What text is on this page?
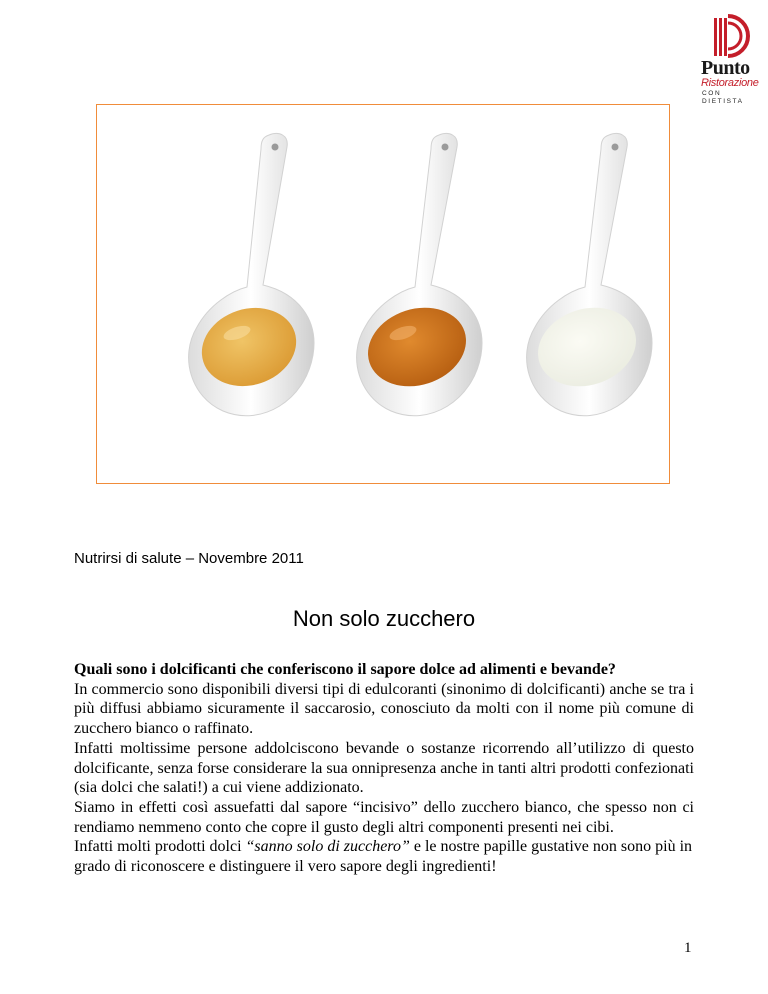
Punto
Ristorazione
CON DIETISTA
Nutrirsi di salute – Novembre 2011
Non solo zucchero

Quali sono i dolcificanti che conferiscono il sapore dolce ad alimenti e bevande?

In commercio sono disponibili diversi tipi di edulcoranti (sinonimo di dolcificanti) anche se tra i più diffusi abbiamo sicuramente il saccarosio, conosciuto da molti con il nome più comune di zucchero bianco o raffinato.

Infatti moltissime persone addolciscono bevande o sostanze ricorrendo all’utilizzo di questo dolcificante, senza forse considerare la sua onnipresenza anche in tanti altri prodotti confezionati (sia dolci che salati!) a cui viene addizionato.

Siamo in effetti così assuefatti dal sapore “incisivo” dello zucchero bianco, che spesso non ci rendiamo nemmeno conto che copre il gusto degli altri componenti presenti nei cibi.

Infatti molti prodotti dolci “sanno solo di zucchero” e le nostre papille gustative non sono più in grado di riconoscere e distinguere il vero sapore degli ingredienti!

1
